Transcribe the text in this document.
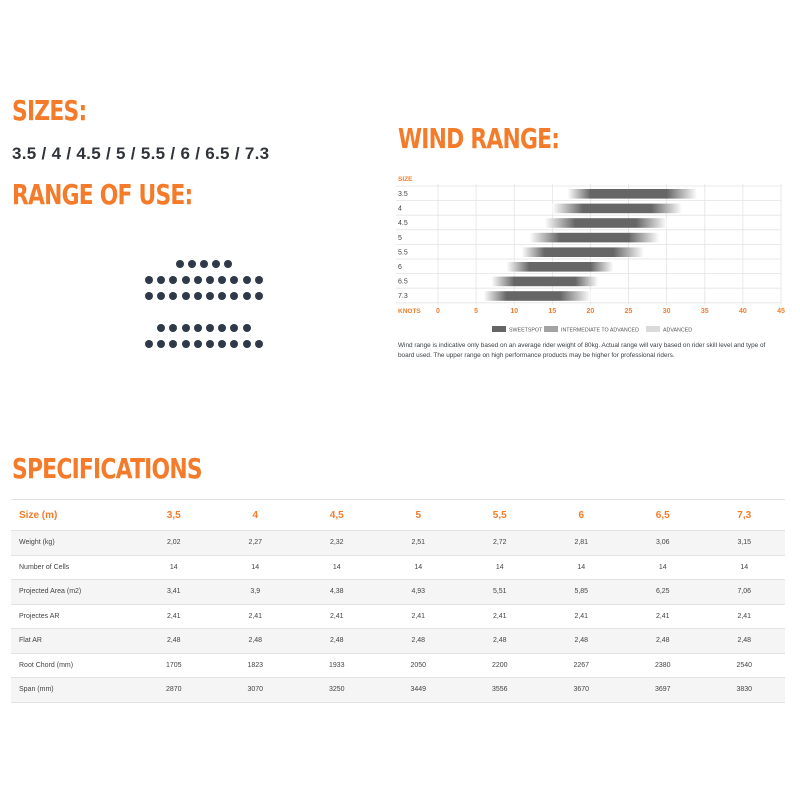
SIZES:
3.5 / 4 / 4.5 / 5 / 5.5 / 6 / 6.5 / 7.3
RANGE OF USE:
WIND RANGE:
SIZE
3.5
4
4.5
5
5.5
6
6.5
7.3
KNOTS 0	5	10	15	20	25	30	35	40	45
SWEETSPOT	INTERMEDIATE TO ADVANCED	ADVANCED
Wind range is indicative only based on an average rider weight of 80kg. Actual range will vary based on rider skill level and type of board used. The upper range on high performance products may be higher for professional riders.
SPECIFICATIONS
Size (m)	3,5	4	4,5	5	5,5	6	6,5	7,3
Weight (kg)	2,02	2,27	2,32	2,51	2,72	2,81	3,06	3,15
Number of Cells	14	14	14	14	14	14	14	14
Projected Area (m2)	3,41	3,9	4,38	4,93	5,51	5,85	6,25	7,06
Projectes AR	2,41	2,41	2,41	2,41	2,41	2,41	2,41	2,41
Flat AR	2,48	2,48	2,48	2,48	2,48	2,48	2,48	2,48
Root Chord (mm)	1705	1823	1933	2050	2200	2267	2380	2540
Span (mm)	2870	3070	3250	3449	3556	3670	3697	3830
